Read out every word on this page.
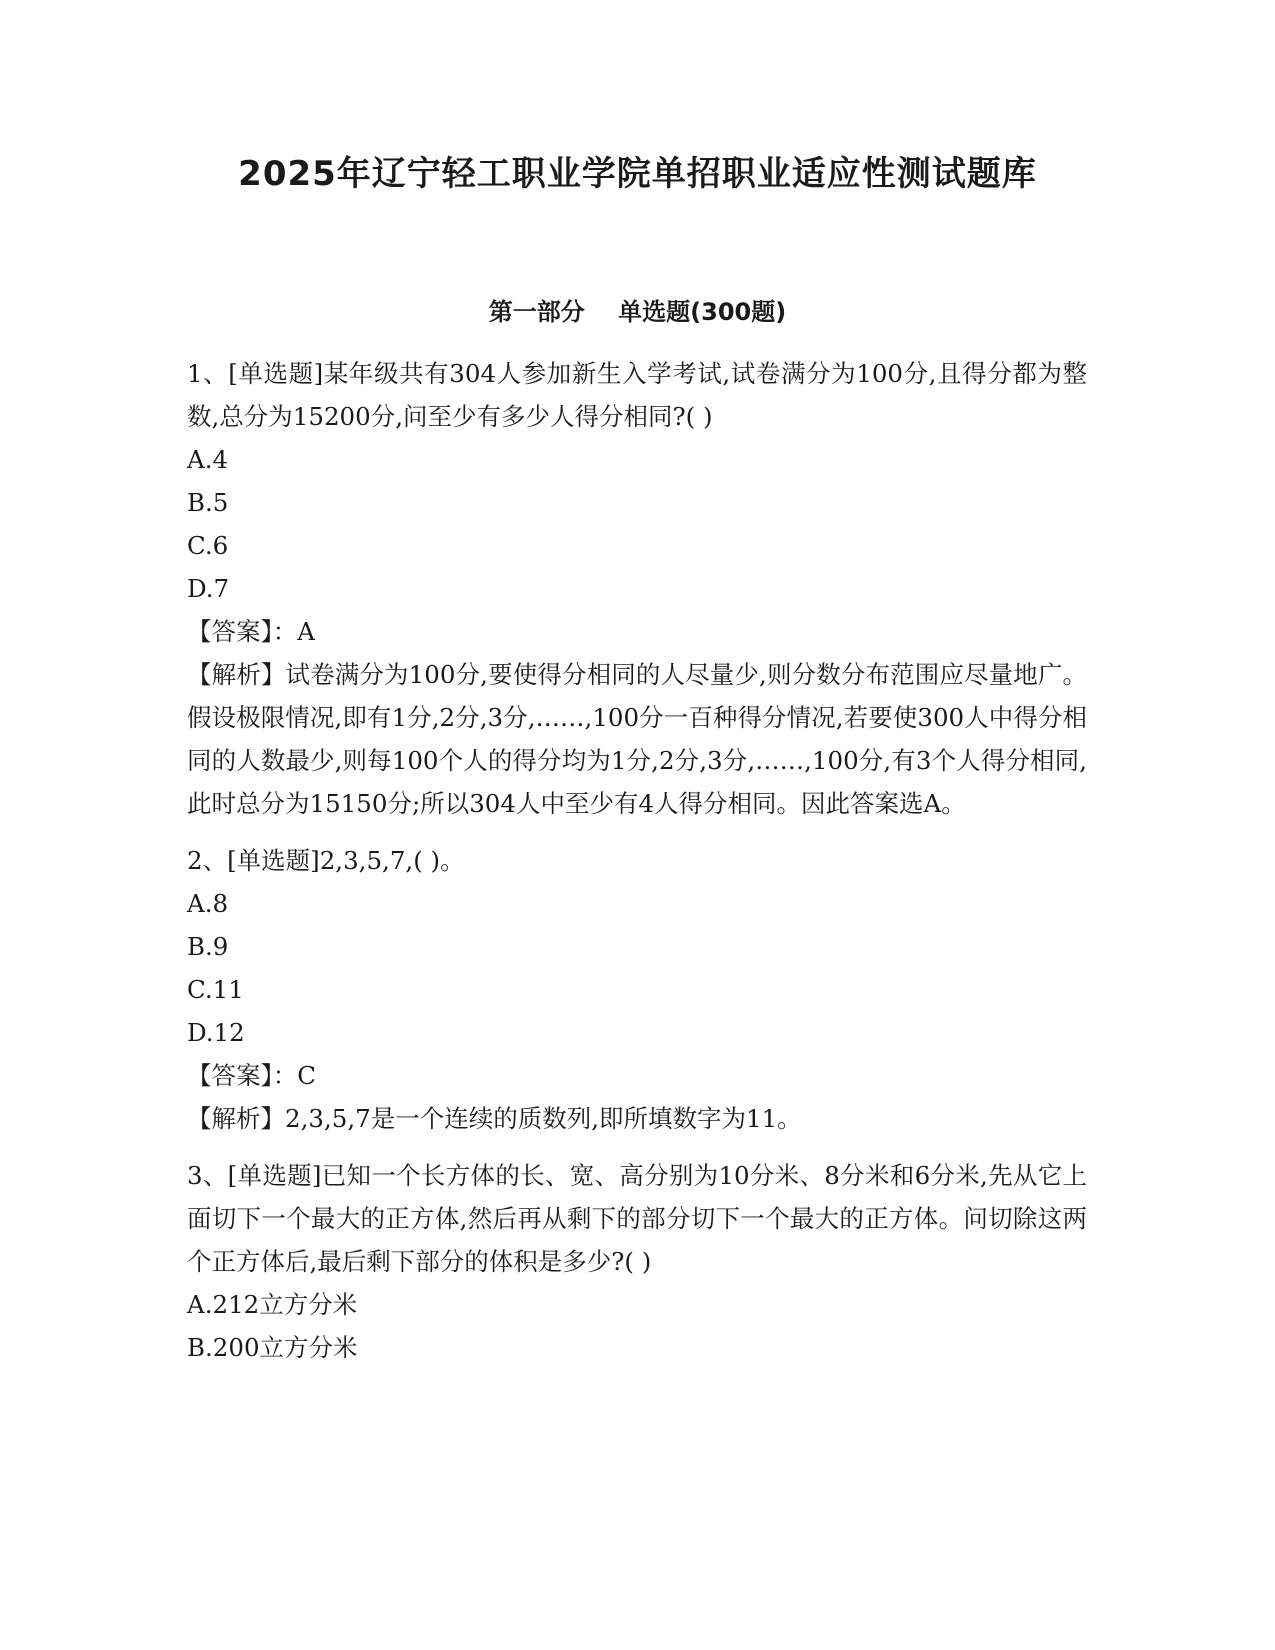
2025年辽宁轻工职业学院单招职业适应性测试题库
第一部分    单选题(300题)

1、[单选题]某年级共有304人参加新生入学考试,试卷满分为100分,且得分都为整数,总分为15200分,问至少有多少人得分相同?( )

A.4

B.5

C.6

D.7

【答案】：A

【解析】试卷满分为100分,要使得分相同的人尽量少,则分数分布范围应尽量地广。假设极限情况,即有1分,2分,3分,……,100分一百种得分情况,若要使300人中得分相同的人数最少,则每100个人的得分均为1分,2分,3分,……,100分,有3个人得分相同,此时总分为15150分;所以304人中至少有4人得分相同。因此答案选A。

2、[单选题]2,3,5,7,( )。

A.8

B.9

C.11

D.12

【答案】：C

【解析】2,3,5,7是一个连续的质数列,即所填数字为11。

3、[单选题]已知一个长方体的长、宽、高分别为10分米、8分米和6分米,先从它上面切下一个最大的正方体,然后再从剩下的部分切下一个最大的正方体。问切除这两个正方体后,最后剩下部分的体积是多少?( )

A.212立方分米

B.200立方分米
